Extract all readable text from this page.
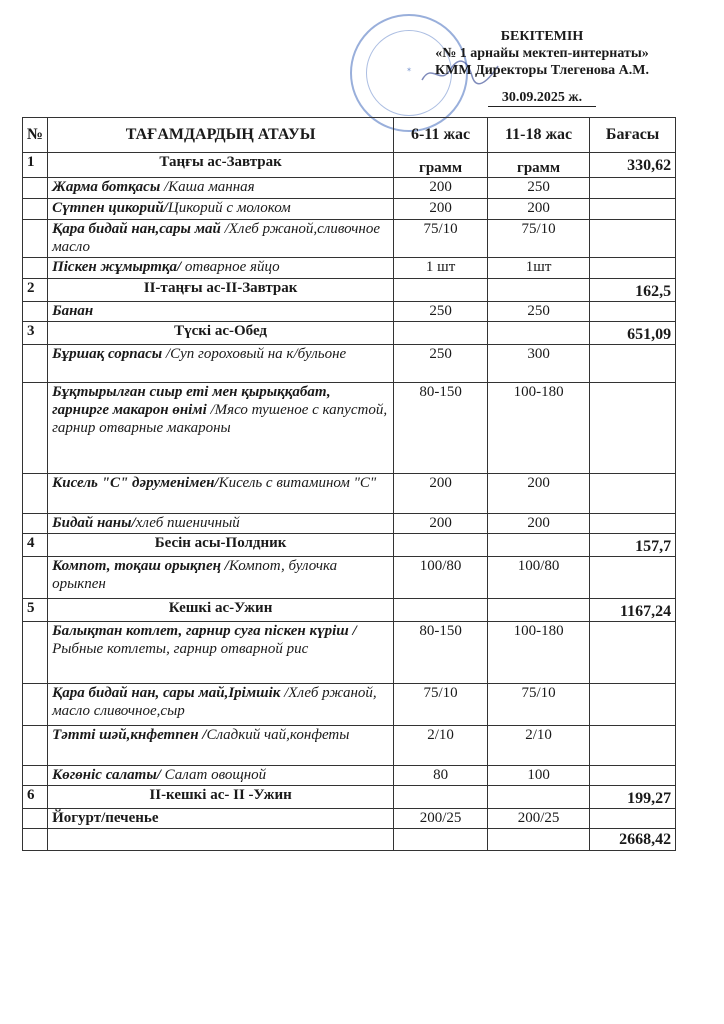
✶
БЕКІТЕМІН
«№ 1 арнайы мектеп-интернаты»
КММ Директоры Тлегенова А.М.
30.09.2025 ж.
№	ТАҒАМДАРДЫҢ АТАУЫ	6-11 жас	11-18 жас	Бағасы
1	Таңғы ас-Завтрак	грамм	грамм	330,62
	Жарма ботқасы /Каша манная	200	250	
	Сүтпен цикорий/Цикорий с молоком	200	200	
	Қара бидай нан,сары май /Хлеб ржаной,сливочное масло	75/10	75/10	
	Піскен жұмыртқа/ отварное яйцо	1 шт	1шт	
2	ІІ-таңғы ас-ІІ-Завтрак			162,5
	Банан	250	250	
3	Түскі ас-Обед			651,09
	Бұршақ сорпасы /Суп гороховый на к/бульоне	250	300	
	Бұқтырылған сиыр еті мен қырыққабат, гарнирге макарон өнімі /Мясо тушеное с капустой, гарнир отварные макароны	80-150	100-180	
	Кисель "С" дәруменімен/Кисель с витамином "С"	200	200	
	Бидай наны/хлеб пшеничный	200	200	
4	Бесін асы-Полдник			157,7
	Компот, тоқаш орықпең /Компот, булочка орыкпен	100/80	100/80	
5	Кешкі ас-Ужин			1167,24
	Балықтан котлет, гарнир суға піскен күріш / Рыбные котлеты, гарнир отварной рис	80-150	100-180	
	Қара бидай нан, сары май,Ірімшік /Хлеб ржаной, масло сливочное,сыр	75/10	75/10	
	Тәтті шәй,кнфетпен /Сладкий чай,конфеты	2/10	2/10	
	Көгөніс салаты/ Салат овощной	80	100	
6	ІІ-кешкі ас- ІІ -Ужин			199,27
	Йогурт/печенье	200/25	200/25	
				2668,42
